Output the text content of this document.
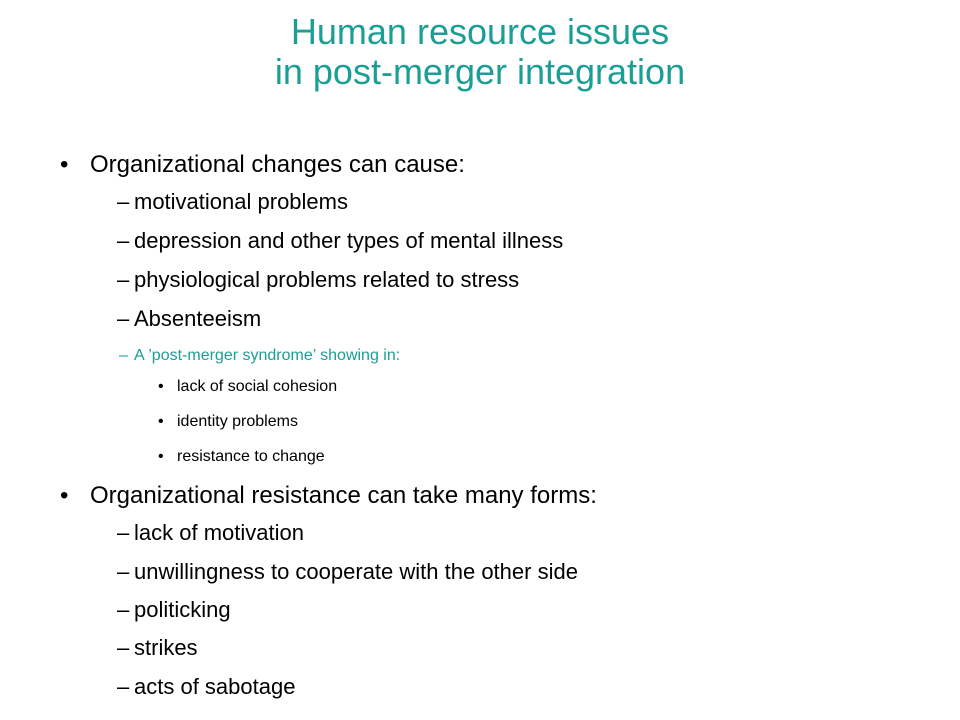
Human resource issues
in post-merger integration
• Organizational changes can cause:
– motivational problems
– depression and other types of mental illness
– physiological problems related to stress
– Absenteeism
– A ’post-merger syndrome’ showing in:
• lack of social cohesion
• identity problems
• resistance to change
• Organizational resistance can take many forms:
– lack of motivation
– unwillingness to cooperate with the other side
– politicking
– strikes
– acts of sabotage
